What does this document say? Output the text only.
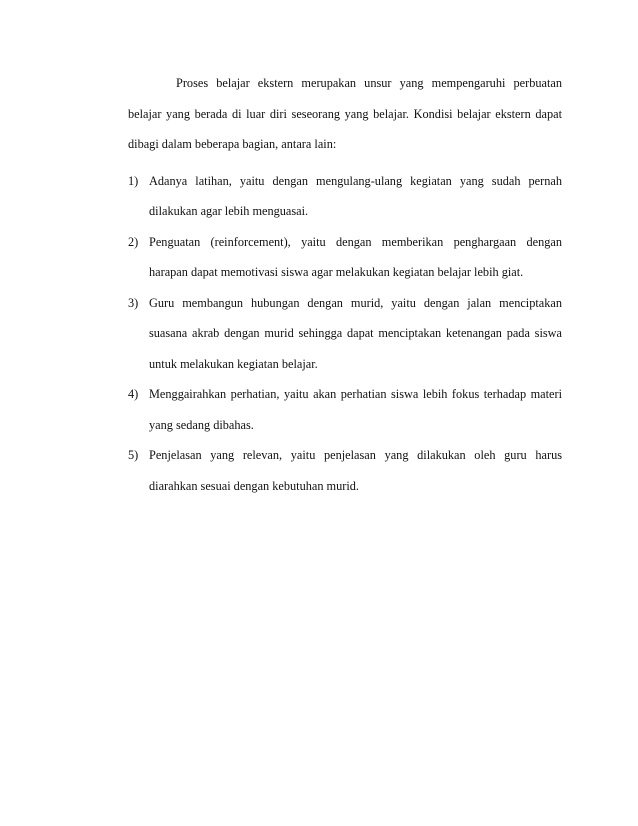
Proses belajar ekstern merupakan unsur yang mempengaruhi perbuatan
belajar yang berada di luar diri seseorang yang belajar. Kondisi belajar ekstern dapat
dibagi dalam beberapa bagian, antara lain:
1) Adanya latihan, yaitu dengan mengulang-ulang kegiatan yang sudah pernah
dilakukan agar lebih menguasai.
2) Penguatan (reinforcement), yaitu dengan memberikan penghargaan dengan
harapan dapat memotivasi siswa agar melakukan kegiatan belajar lebih giat.
3) Guru membangun hubungan dengan murid, yaitu dengan jalan menciptakan
suasana akrab dengan murid sehingga dapat menciptakan ketenangan pada siswa
untuk melakukan kegiatan belajar.
4) Menggairahkan perhatian, yaitu akan perhatian siswa lebih fokus terhadap materi
yang sedang dibahas.
5) Penjelasan yang relevan, yaitu penjelasan yang dilakukan oleh guru harus
diarahkan sesuai dengan kebutuhan murid.
